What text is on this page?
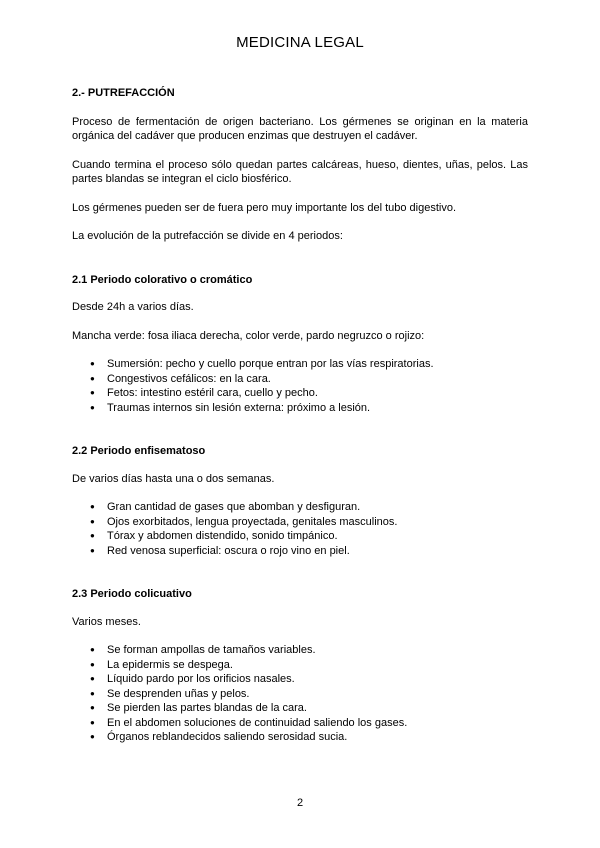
MEDICINA LEGAL
2.- PUTREFACCIÓN

Proceso de fermentación de origen bacteriano. Los gérmenes se originan en la materia orgánica del cadáver que producen enzimas que destruyen el cadáver.

Cuando termina el proceso sólo quedan partes calcáreas, hueso, dientes, uñas, pelos. Las partes blandas se integran el ciclo biosférico.

Los gérmenes pueden ser de fuera pero muy importante los del tubo digestivo.

La evolución de la putrefacción se divide en 4 periodos:

2.1 Periodo colorativo o cromático

Desde 24h a varios días.

Mancha verde: fosa iliaca derecha, color verde, pardo negruzco o rojizo:

● Sumersión: pecho y cuello porque entran por las vías respiratorias.
● Congestivos cefálicos: en la cara.
● Fetos: intestino estéril cara, cuello y pecho.
● Traumas internos sin lesión externa: próximo a lesión.
2.2 Periodo enfisematoso

De varios días hasta una o dos semanas.

● Gran cantidad de gases que abomban y desfiguran.
● Ojos exorbitados, lengua proyectada, genitales masculinos.
● Tórax y abdomen distendido, sonido timpánico.
● Red venosa superficial: oscura o rojo vino en piel.
2.3 Periodo colicuativo

Varios meses.

● Se forman ampollas de tamaños variables.
● La epidermis se despega.
● Líquido pardo por los orificios nasales.
● Se desprenden uñas y pelos.
● Se pierden las partes blandas de la cara.
● En el abdomen soluciones de continuidad saliendo los gases.
● Órganos reblandecidos saliendo serosidad sucia.
2
